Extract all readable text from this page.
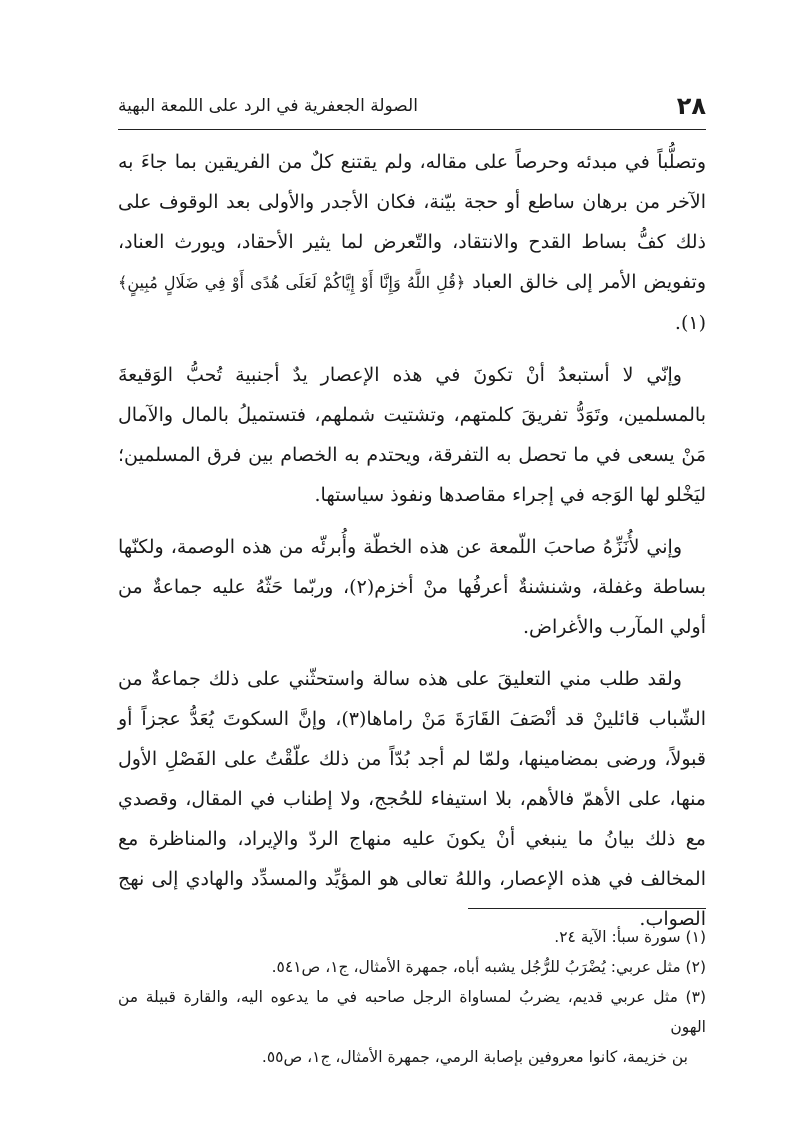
٢٨
الصولة الجعفرية في الرد على اللمعة البهية

وتصلُّباً في مبدئه وحرصاً على مقاله، ولم يقتنع كلٌ من الفريقين بما جاءَ به الآخر من برهان ساطع أو حجة بيّنة، فكان الأجدر والأولى بعد الوقوف على ذلك كفُّ بساط القدح والانتقاد، والتّعرض لما يثير الأحقاد، ويورث العناد، وتفويض الأمر إلى خالق العباد ﴿قُلِ اللَّهُ وَإِنَّا أَوْ إِيَّاكُمْ لَعَلَى هُدًى أَوْ فِي ضَلَالٍ مُبِينٍ﴾(١).

وإنّي لا أستبعدُ أنْ تكونَ في هذه الإعصار يدٌ أجنبية تُحبُّ الوَقيعةَ بالمسلمين، وتَوَدُّ تفريقَ كلمتهم، وتشتيت شملهم، فتستميلُ بالمال والآمال مَنْ يسعى في ما تحصل به التفرقة، ويحتدم به الخصام بين فرق المسلمين؛ ليَخْلو لها الوَجه في إجراء مقاصدها ونفوذ سياستها.

وإني لأُنَزِّهُ صاحبَ اللّمعة عن هذه الخطّة وأُبرئّه من هذه الوصمة، ولكنّها بساطة وغفلة، وشنشنةٌ أعرفُها منْ أخزم(٢)، وربّما حَثّهُ عليه جماعةٌ من أولي المآرب والأغراض.

ولقد طلب مني التعليقَ على هذه سالة واستحثّني على ذلك جماعةٌ من الشّباب قائلينْ قد أنْصَفَ القَارَةَ مَنْ راماها(٣)، وإنَّ السكوتَ يُعَدُّ عجزاً أو قبولاً، ورضى بمضامينها، ولمّا لم أجد بُدّاً من ذلك علّقْتُ على الفَصْلِ الأول منها، على الأهمّ فالأهم، بلا استيفاء للحُجج، ولا إطناب في المقال، وقصدي مع ذلك بيانُ ما ينبغي أنْ يكونَ عليه منهاج الردّ والإيراد، والمناظرة مع المخالف في هذه الإعصار، واللهُ تعالى هو المؤيِّد والمسدِّد والهادي إلى نهج الصواب.

(١) سورة سبأ: الآية ٢٤.

(٢) مثل عربي: يُضْرَبُ للرُّجُل يشبه أباه، جمهرة الأمثال، ج١، ص٥٤١.

(٣) مثل عربي قديم، يضربُ لمساواة الرجل صاحبه في ما يدعوه اليه، والقارة قبيلة من الهون

بن خزيمة، كانوا معروفين بإصابة الرمي، جمهرة الأمثال، ج١، ص٥٥.
